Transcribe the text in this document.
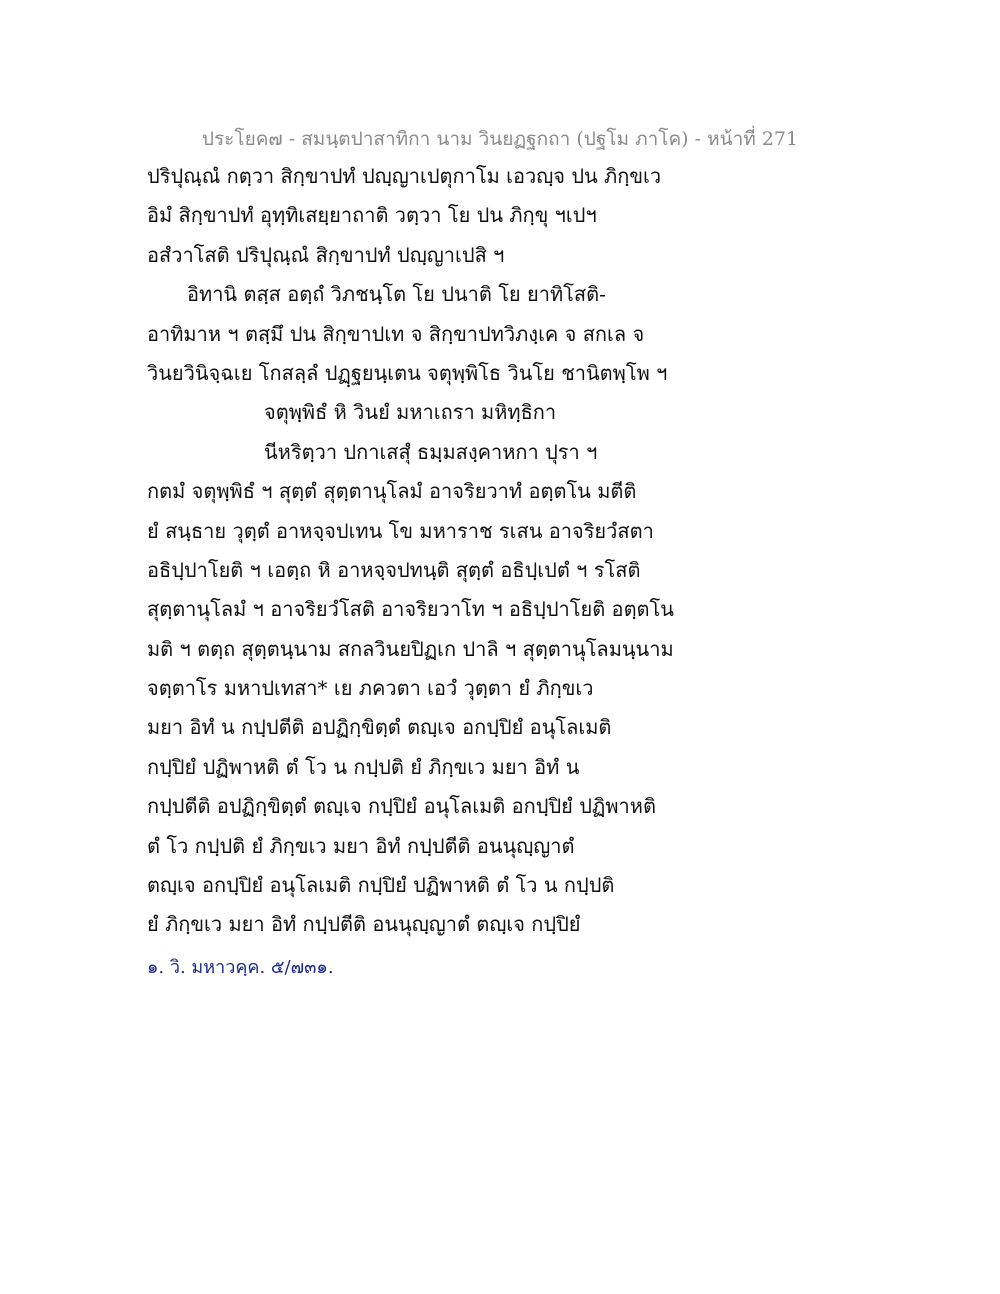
ประโยค๗ - สมนฺตปาสาทิกา นาม วินยฏฐกถา (ปฐโม ภาโค) - หน้าที่ 271
ปริปุณฺณํ กตฺวา สิกฺขาปทํ ปญฺญาเปตุกาโม เอวญฺจ ปน ภิกฺขเว
อิมํ สิกฺขาปทํ อุทฺทิเสยฺยาถาติ วตฺวา โย ปน ภิกฺขุ ฯเปฯ
อสํวาโสติ ปริปุณฺณํ สิกฺขาปทํ ปญฺญาเปสิ ฯ
อิทานิ ตสฺส อตฺถํ วิภชนฺโต โย ปนาติ โย ยาทิโสติ-
อาทิมาห ฯ ตสฺมึ ปน สิกฺขาปเท จ สิกฺขาปทวิภงฺเค จ สกเล จ
วินยวินิจฺฉเย โกสลฺลํ ปฏฺฐยนฺเตน จตุพฺพิโธ วินโย ชานิตพฺโพ ฯ
จตุพฺพิธํ หิ วินยํ มหาเถรา มหิทฺธิกา
นีหริตฺวา ปกาเสสุํ ธมฺมสงฺคาหกา ปุรา ฯ
กตมํ จตุพฺพิธํ ฯ สุตฺตํ สุตฺตานุโลมํ อาจริยวาทํ อตฺตโน มตีติ
ยํ สนฺธาย วุตฺตํ อาหจฺจปเทน โข มหาราช รเสน อาจริยวํสตา
อธิปฺปาโยติ ฯ เอตฺถ หิ อาหจฺจปทนฺติ สุตฺตํ อธิปฺเปตํ ฯ รโสติ
สุตฺตานุโลมํ ฯ อาจริยวํโสติ อาจริยวาโท ฯ อธิปฺปาโยติ อตฺตโน
มติ ฯ ตตฺถ สุตฺตนฺนาม สกลวินยปิฏเก ปาลิ ฯ สุตฺตานุโลมนฺนาม
จตฺตาโร มหาปเทสา* เย ภควตา เอวํ วุตฺตา ยํ ภิกฺขเว
มยา อิทํ น กปฺปตีติ อปฏิกฺขิตฺตํ ตญฺเจ อกปฺปิยํ อนุโลเมติ
กปฺปิยํ ปฏิพาหติ ตํ โว น กปฺปติ ยํ ภิกฺขเว มยา อิทํ น
กปฺปตีติ อปฏิกฺขิตฺตํ ตญฺเจ กปฺปิยํ อนุโลเมติ อกปฺปิยํ ปฏิพาหติ
ตํ โว กปฺปติ ยํ ภิกฺขเว มยา อิทํ กปฺปตีติ อนนุญฺญาตํ
ตญฺเจ อกปฺปิยํ อนุโลเมติ กปฺปิยํ ปฏิพาหติ ตํ โว น กปฺปติ
ยํ ภิกฺขเว มยา อิทํ กปฺปตีติ อนนุญฺญาตํ ตญฺเจ กปฺปิยํ
๑. วิ. มหาวคฺค. ๕/๗๓๑.
